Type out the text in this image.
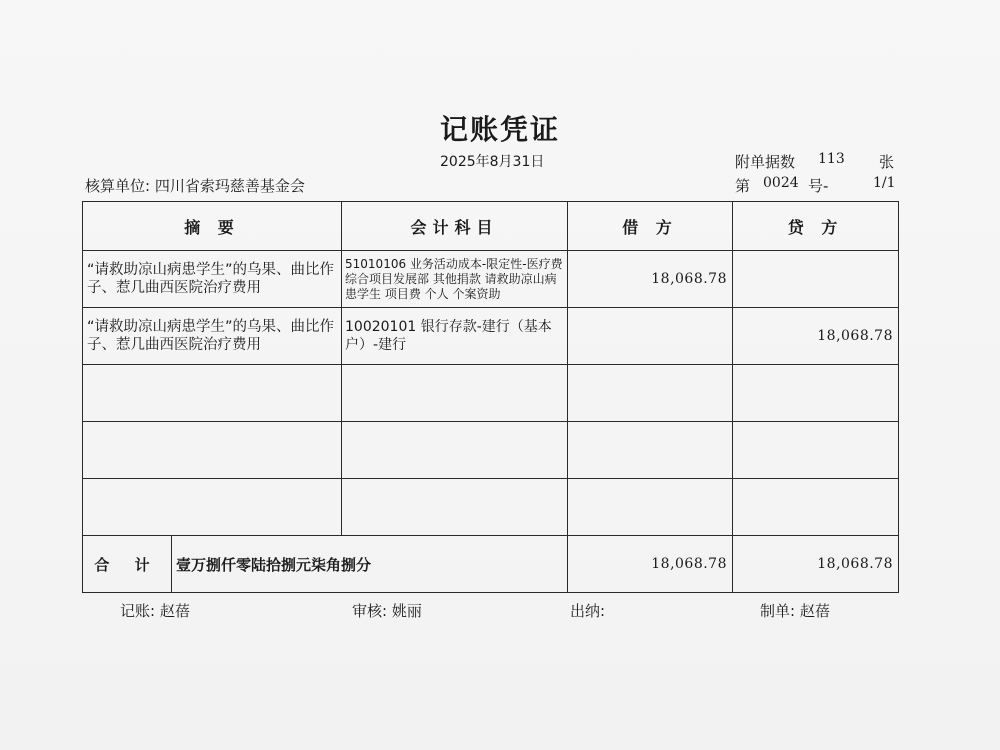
记账凭证
2025年8月31日	附单据数 113 张
核算单位: 四川省索玛慈善基金会	第 0024 号-	1/1
摘 要		会计科目	借 方	贷 方
“请救助凉山病患学生”的乌果、曲比作子、惹几曲西医院治疗费用		51010106 业务活动成本-限定性-医疗费 综合项目发展部 其他捐款 请救助凉山病患学生 项目费 个人 个案资助	18,068.78	
“请救助凉山病患学生”的乌果、曲比作子、惹几曲西医院治疗费用		10020101 银行存款-建行（基本户）-建行		18,068.78

合 计	壹万捌仟零陆拾捌元柒角捌分		18,068.78	18,068.78
记账: 赵蓓	审核: 姚丽	出纳:	制单: 赵蓓
